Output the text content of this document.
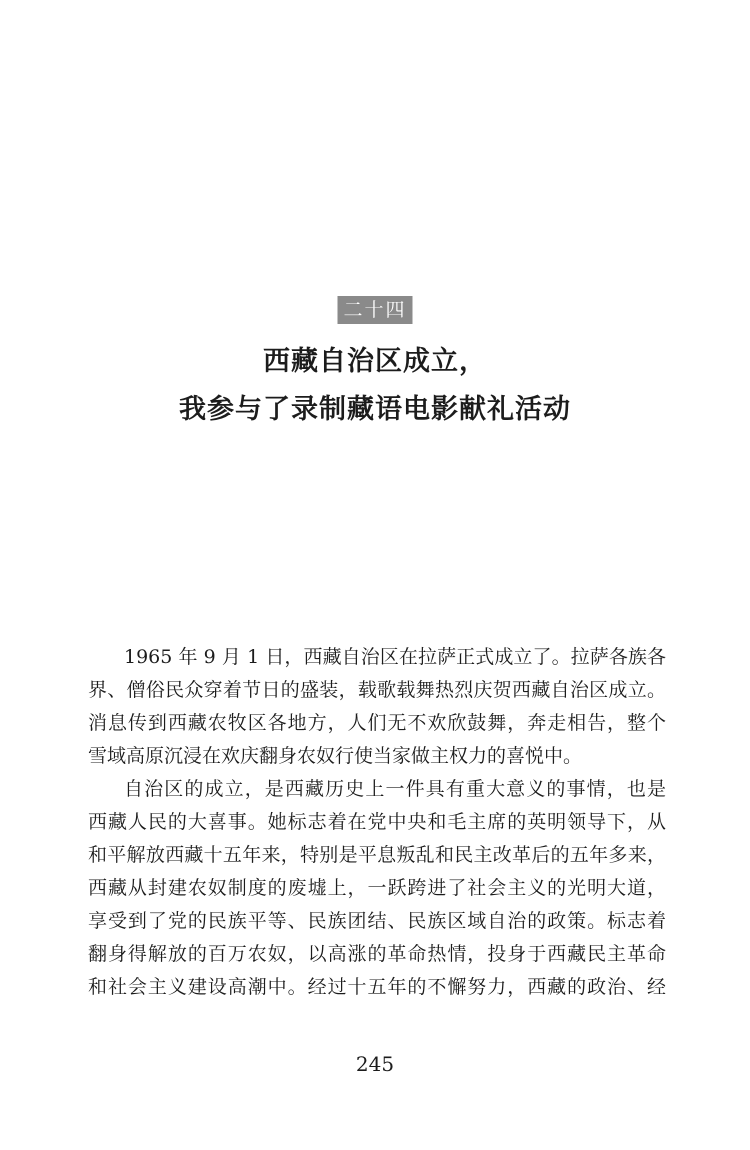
二十四
西藏自治区成立，
我参与了录制藏语电影献礼活动
1965 年 9 月 1 日，西藏自治区在拉萨正式成立了。拉萨各族各
界、僧俗民众穿着节日的盛装，载歌载舞热烈庆贺西藏自治区成立。
消息传到西藏农牧区各地方，人们无不欢欣鼓舞，奔走相告，整个
雪域高原沉浸在欢庆翻身农奴行使当家做主权力的喜悦中。
自治区的成立，是西藏历史上一件具有重大意义的事情，也是
西藏人民的大喜事。她标志着在党中央和毛主席的英明领导下，从
和平解放西藏十五年来，特别是平息叛乱和民主改革后的五年多来，
西藏从封建农奴制度的废墟上，一跃跨进了社会主义的光明大道，
享受到了党的民族平等、民族团结、民族区域自治的政策。标志着
翻身得解放的百万农奴，以高涨的革命热情，投身于西藏民主革命
和社会主义建设高潮中。经过十五年的不懈努力，西藏的政治、经
245
